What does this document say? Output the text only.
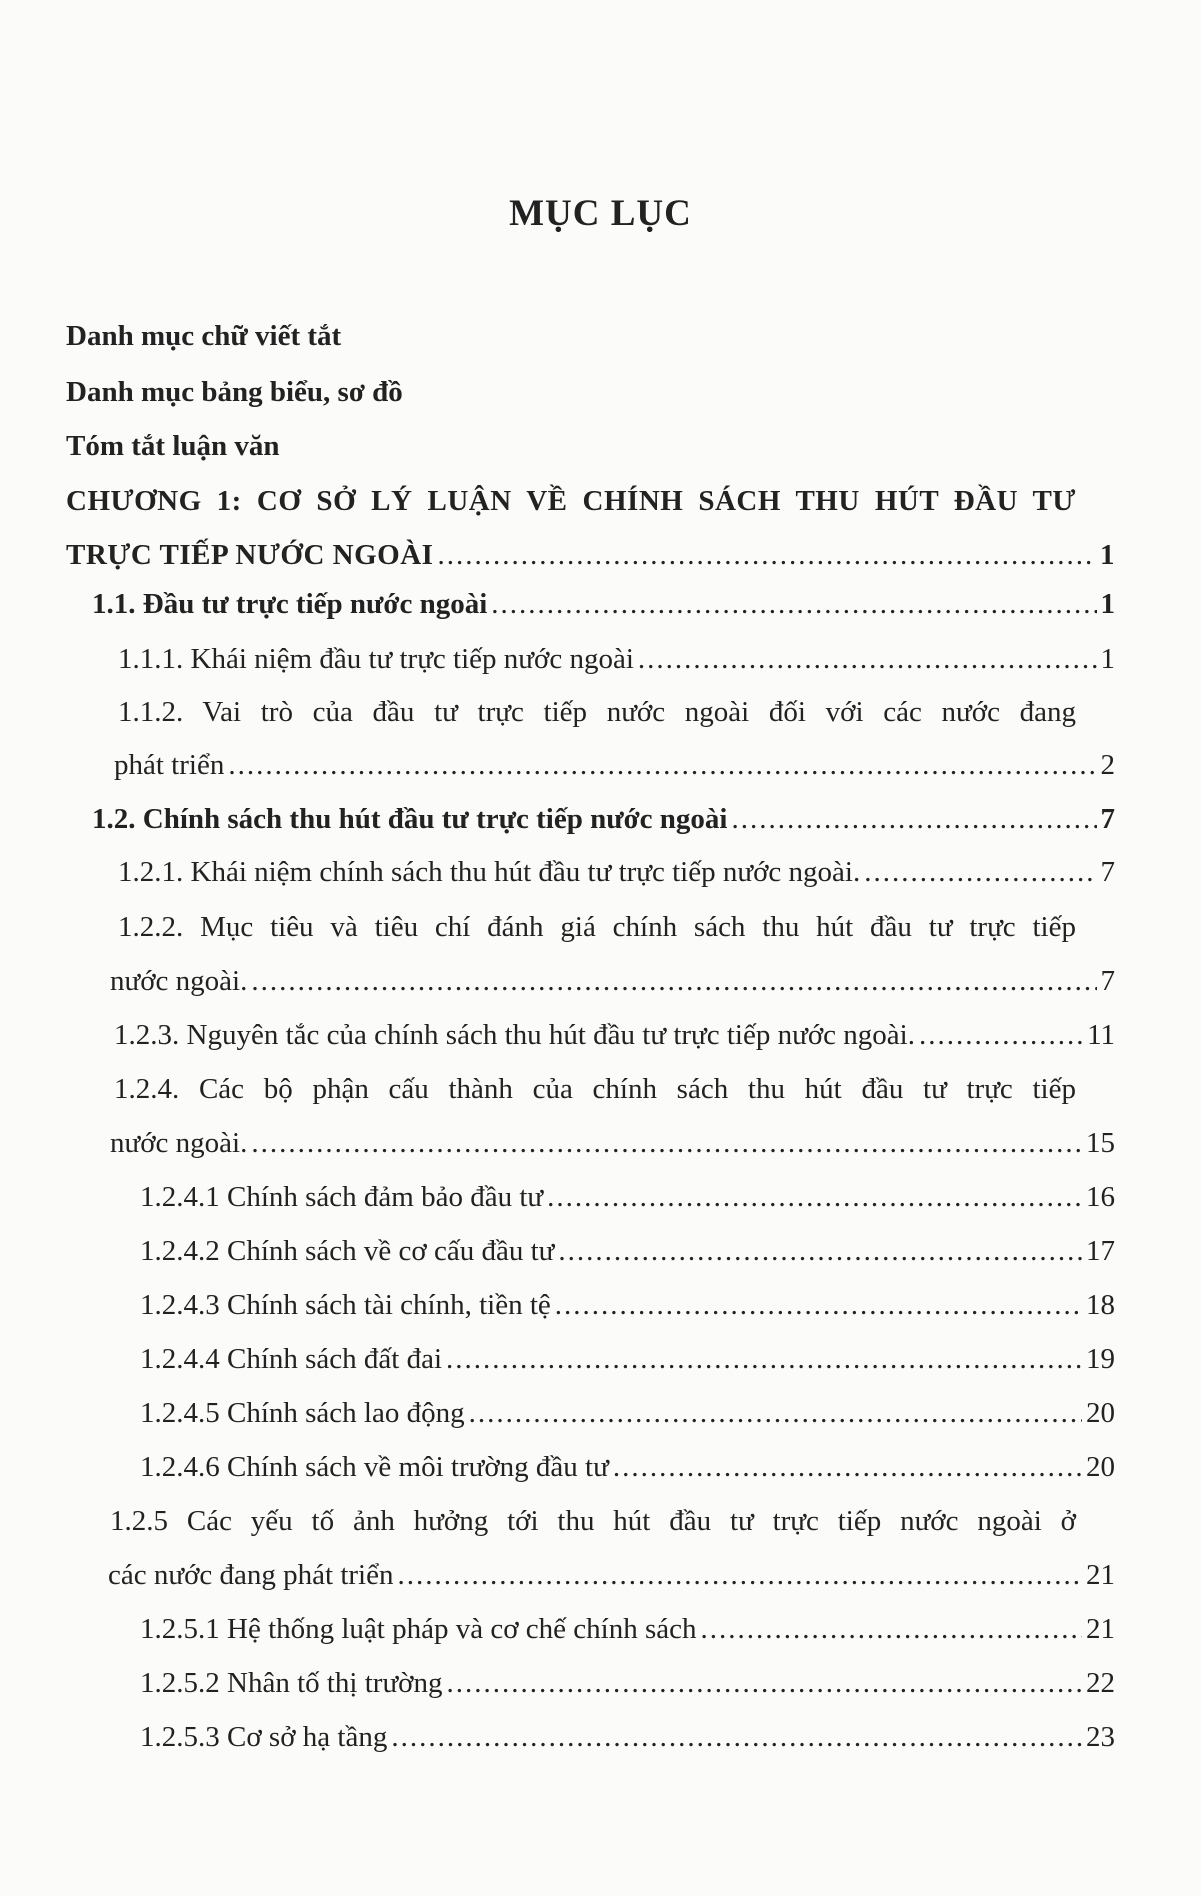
MỤC LỤC
Danh mục chữ viết tắt
Danh mục bảng biểu, sơ đồ
Tóm tắt luận văn
CHƯƠNG 1: CƠ SỞ LÝ LUẬN VỀ CHÍNH SÁCH THU HÚT ĐẦU TƯ
TRỰC TIẾP NƯỚC NGOÀI .....	1
1.1. Đầu tư trực tiếp nước ngoài .....	1
1.1.1. Khái niệm đầu tư trực tiếp nước ngoài .....	1
1.1.2. Vai trò của đầu tư trực tiếp nước ngoài đối với các nước đang
phát triển .....	2
1.2. Chính sách thu hút đầu tư trực tiếp nước ngoài .....	7
1.2.1. Khái niệm chính sách thu hút đầu tư trực tiếp nước ngoài. .....	7
1.2.2. Mục tiêu và tiêu chí đánh giá chính sách thu hút đầu tư trực tiếp
nước ngoài. .....	7
1.2.3. Nguyên tắc của chính sách thu hút đầu tư trực tiếp nước ngoài. .....	11
1.2.4. Các bộ phận cấu thành của chính sách thu hút đầu tư trực tiếp
nước ngoài. .....	15
1.2.4.1 Chính sách đảm bảo đầu tư .....	16
1.2.4.2 Chính sách về cơ cấu đầu tư .....	17
1.2.4.3 Chính sách tài chính, tiền tệ .....	18
1.2.4.4 Chính sách đất đai .....	19
1.2.4.5 Chính sách lao động .....	20
1.2.4.6 Chính sách về môi trường đầu tư .....	20
1.2.5 Các yếu tố ảnh hưởng tới thu hút đầu tư trực tiếp nước ngoài ở
các nước đang phát triển .....	21
1.2.5.1 Hệ thống luật pháp và cơ chế chính sách .....	21
1.2.5.2 Nhân tố thị trường .....	22
1.2.5.3 Cơ sở hạ tầng .....	23
